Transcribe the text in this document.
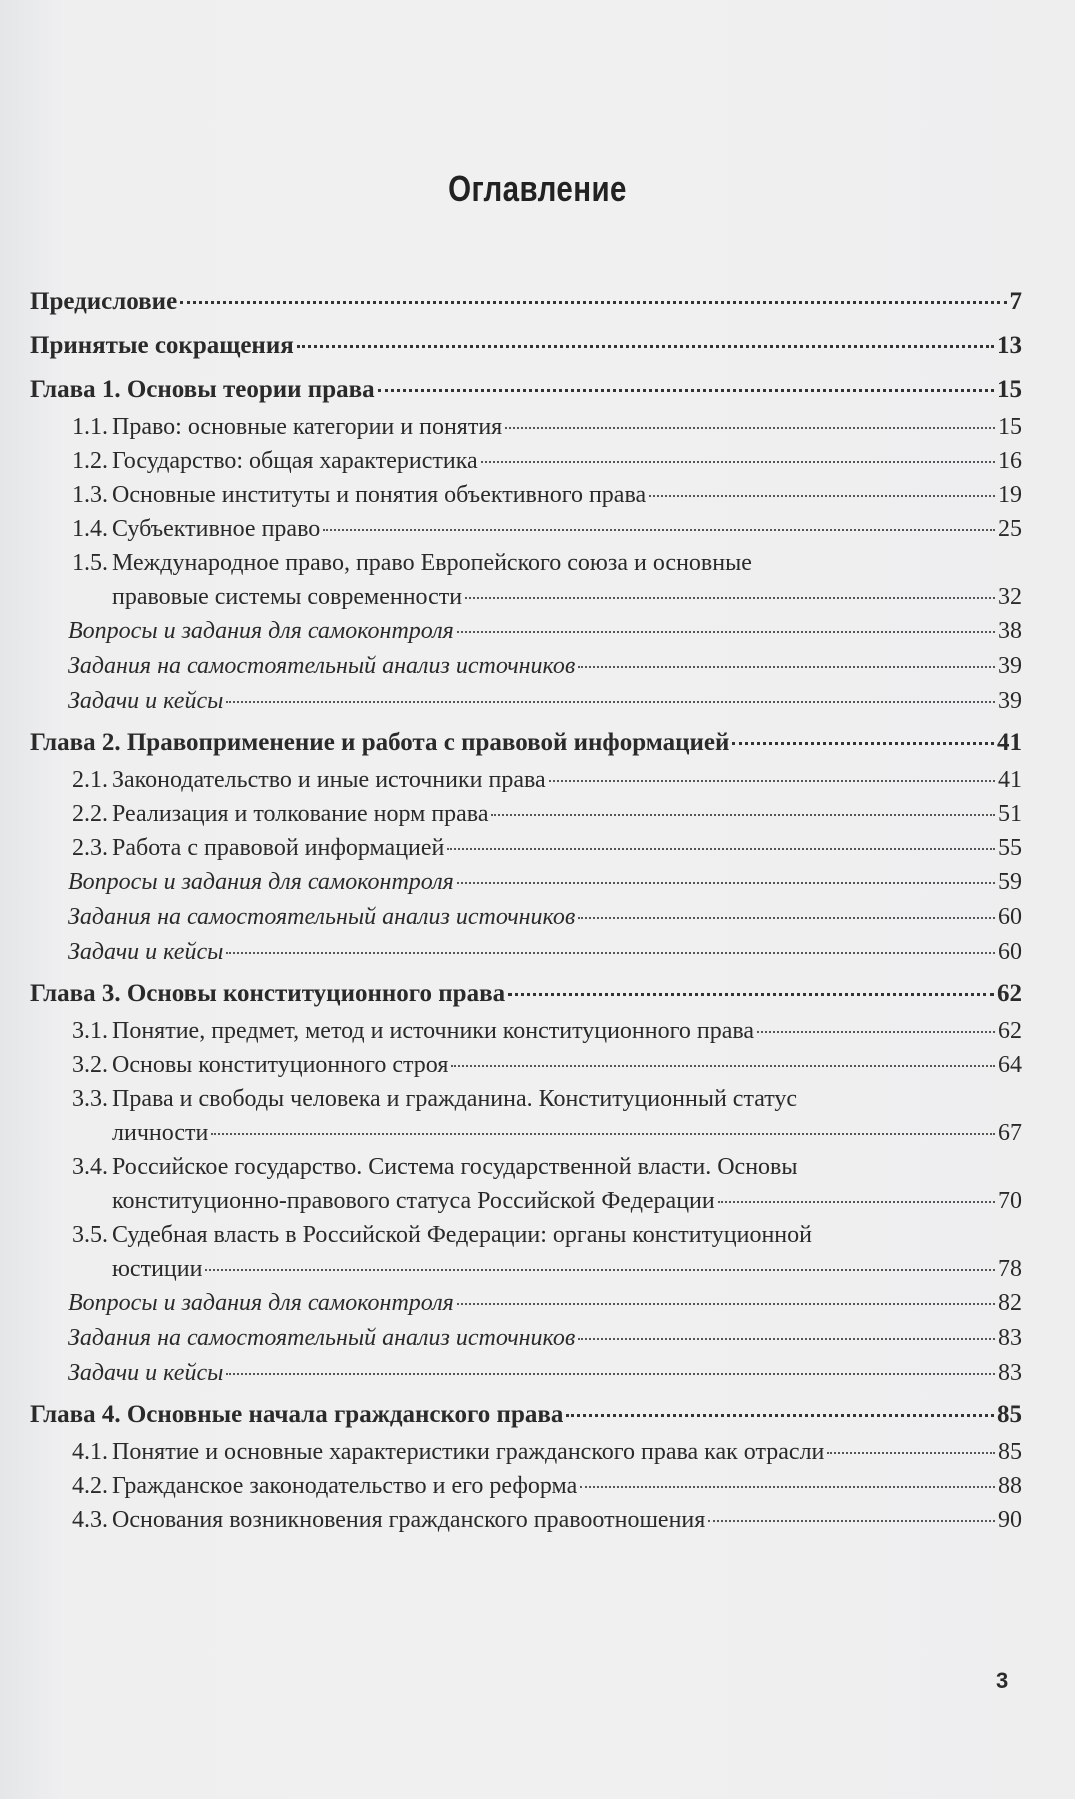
Оглавление
Предисловие	7
Принятые сокращения	13
Глава 1. Основы теории права	15
1.1. Право: основные категории и понятия	15
1.2. Государство: общая характеристика	16
1.3. Основные институты и понятия объективного права	19
1.4. Субъективное право	25
1.5. Международное право, право Европейского союза и основные
правовые системы современности	32
Вопросы и задания для самоконтроля	38
Задания на самостоятельный анализ источников	39
Задачи и кейсы	39
Глава 2. Правоприменение и работа с правовой информацией	41
2.1. Законодательство и иные источники права	41
2.2. Реализация и толкование норм права	51
2.3. Работа с правовой информацией	55
Вопросы и задания для самоконтроля	59
Задания на самостоятельный анализ источников	60
Задачи и кейсы	60
Глава 3. Основы конституционного права	62
3.1. Понятие, предмет, метод и источники конституционного права	62
3.2. Основы конституционного строя	64
3.3. Права и свободы человека и гражданина. Конституционный статус
личности	67
3.4. Российское государство. Система государственной власти. Основы
конституционно-правового статуса Российской Федерации	70
3.5. Судебная власть в Российской Федерации: органы конституционной
юстиции	78
Вопросы и задания для самоконтроля	82
Задания на самостоятельный анализ источников	83
Задачи и кейсы	83
Глава 4. Основные начала гражданского права	85
4.1. Понятие и основные характеристики гражданского права как отрасли	85
4.2. Гражданское законодательство и его реформа	88
4.3. Основания возникновения гражданского правоотношения	90
3
